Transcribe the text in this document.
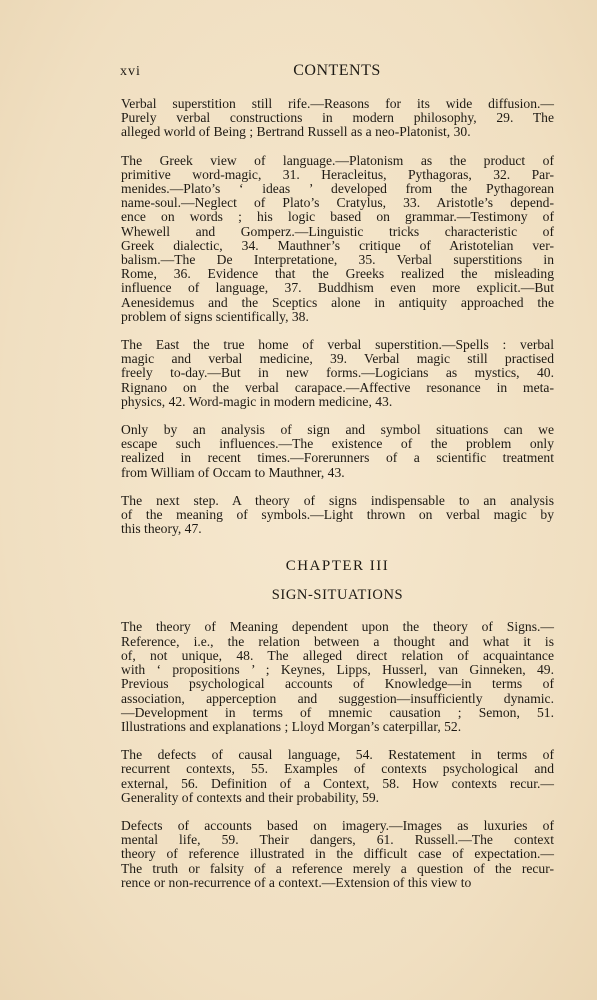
xvi	CONTENTS

Verbal superstition still rife.—Reasons for its wide diffusion.—
Purely verbal constructions in modern philosophy, 29. The
alleged world of Being ; Bertrand Russell as a neo-Platonist, 30.

The Greek view of language.—Platonism as the product of
primitive word-magic, 31. Heracleitus, Pythagoras, 32. Par-
menides.—Plato’s ‘ ideas ’ developed from the Pythagorean
name-soul.—Neglect of Plato’s Cratylus, 33. Aristotle’s depend-
ence on words ; his logic based on grammar.—Testimony of
Whewell and Gomperz.—Linguistic tricks characteristic of
Greek dialectic, 34. Mauthner’s critique of Aristotelian ver-
balism.—The De Interpretatione, 35. Verbal superstitions in
Rome, 36. Evidence that the Greeks realized the misleading
influence of language, 37. Buddhism even more explicit.—But
Aenesidemus and the Sceptics alone in antiquity approached the
problem of signs scientifically, 38.

The East the true home of verbal superstition.—Spells : verbal
magic and verbal medicine, 39. Verbal magic still practised
freely to-day.—But in new forms.—Logicians as mystics, 40.
Rignano on the verbal carapace.—Affective resonance in meta-
physics, 42. Word-magic in modern medicine, 43.

Only by an analysis of sign and symbol situations can we
escape such influences.—The existence of the problem only
realized in recent times.—Forerunners of a scientific treatment
from William of Occam to Mauthner, 43.

The next step. A theory of signs indispensable to an analysis
of the meaning of symbols.—Light thrown on verbal magic by
this theory, 47.

CHAPTER III
SIGN-SITUATIONS

The theory of Meaning dependent upon the theory of Signs.—
Reference, i.e., the relation between a thought and what it is
of, not unique, 48. The alleged direct relation of acquaintance
with ‘ propositions ’ ; Keynes, Lipps, Husserl, van Ginneken, 49.
Previous psychological accounts of Knowledge—in terms of
association, apperception and suggestion—insufficiently dynamic.
—Development in terms of mnemic causation ; Semon, 51.
Illustrations and explanations ; Lloyd Morgan’s caterpillar, 52.

The defects of causal language, 54. Restatement in terms of
recurrent contexts, 55. Examples of contexts psychological and
external, 56. Definition of a Context, 58. How contexts recur.—
Generality of contexts and their probability, 59.

Defects of accounts based on imagery.—Images as luxuries of
mental life, 59. Their dangers, 61. Russell.—The context
theory of reference illustrated in the difficult case of expectation.—
The truth or falsity of a reference merely a question of the recur-
rence or non-recurrence of a context.—Extension of this view to
